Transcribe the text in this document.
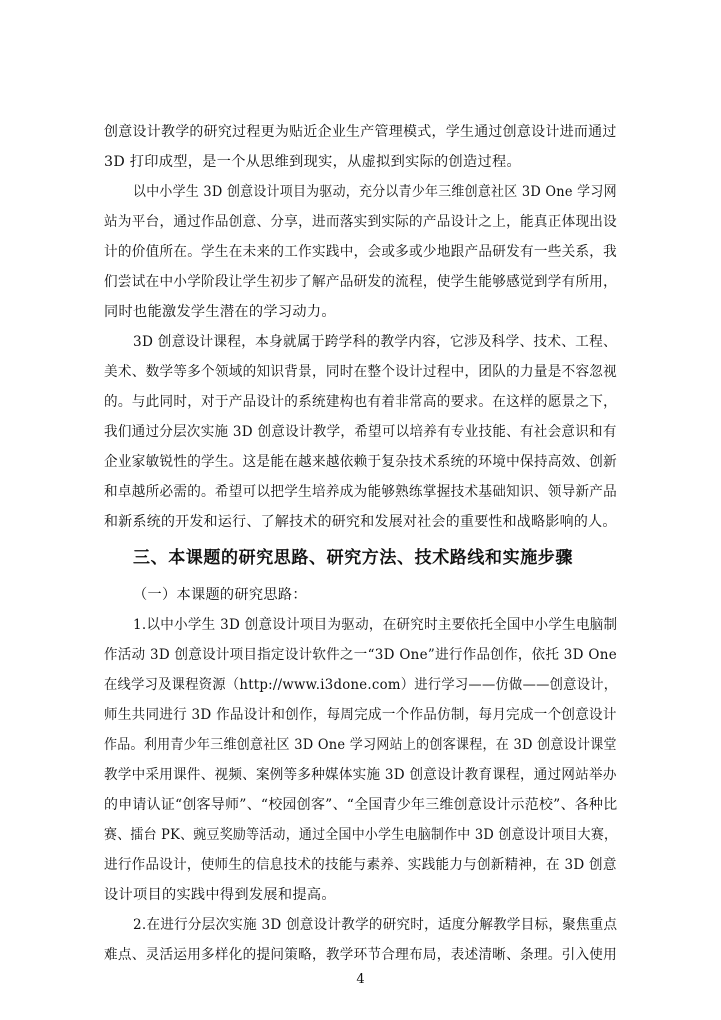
创意设计教学的研究过程更为贴近企业生产管理模式，学生通过创意设计进而通过
3D 打印成型，是一个从思维到现实，从虚拟到实际的创造过程。
以中小学生 3D 创意设计项目为驱动，充分以青少年三维创意社区 3D One 学习网
站为平台，通过作品创意、分享，进而落实到实际的产品设计之上，能真正体现出设
计的价值所在。学生在未来的工作实践中，会或多或少地跟产品研发有一些关系，我
们尝试在中小学阶段让学生初步了解产品研发的流程，使学生能够感觉到学有所用，
同时也能激发学生潜在的学习动力。
3D 创意设计课程，本身就属于跨学科的教学内容，它涉及科学、技术、工程、
美术、数学等多个领域的知识背景，同时在整个设计过程中，团队的力量是不容忽视
的。与此同时，对于产品设计的系统建构也有着非常高的要求。在这样的愿景之下，
我们通过分层次实施 3D 创意设计教学，希望可以培养有专业技能、有社会意识和有
企业家敏锐性的学生。这是能在越来越依赖于复杂技术系统的环境中保持高效、创新
和卓越所必需的。希望可以把学生培养成为能够熟练掌握技术基础知识、领导新产品
和新系统的开发和运行、了解技术的研究和发展对社会的重要性和战略影响的人。
三、本课题的研究思路、研究方法、技术路线和实施步骤
（一）本课题的研究思路：
1.以中小学生 3D 创意设计项目为驱动，在研究时主要依托全国中小学生电脑制
作活动 3D 创意设计项目指定设计软件之一“3D One”进行作品创作，依托 3D One
在线学习及课程资源（http://www.i3done.com）进行学习——仿做——创意设计，
师生共同进行 3D 作品设计和创作，每周完成一个作品仿制，每月完成一个创意设计
作品。利用青少年三维创意社区 3D One 学习网站上的创客课程，在 3D 创意设计课堂
教学中采用课件、视频、案例等多种媒体实施 3D 创意设计教育课程，通过网站举办
的申请认证“创客导师”、“校园创客”、“全国青少年三维创意设计示范校”、各种比
赛、擂台 PK、豌豆奖励等活动，通过全国中小学生电脑制作中 3D 创意设计项目大赛，
进行作品设计，使师生的信息技术的技能与素养、实践能力与创新精神，在 3D 创意
设计项目的实践中得到发展和提高。
2.在进行分层次实施 3D 创意设计教学的研究时，适度分解教学目标，聚焦重点
难点、灵活运用多样化的提问策略，教学环节合理布局，表述清晰、条理。引入使用
4
